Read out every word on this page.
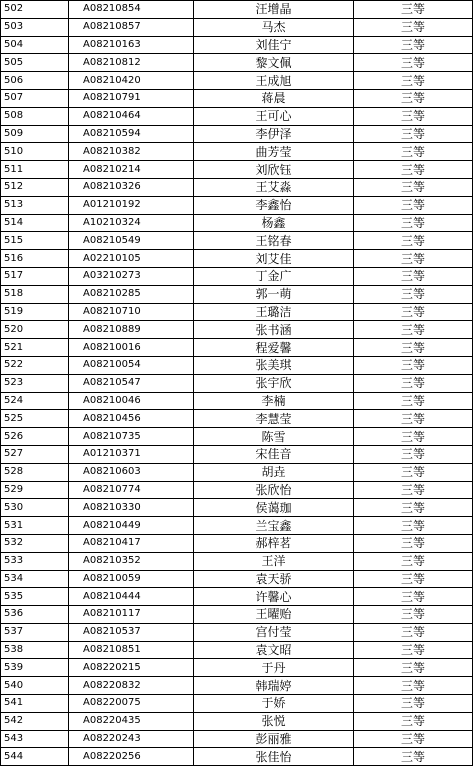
502	A08210854	汪增晶	三等
503	A08210857	马杰	三等
504	A08210163	刘佳宁	三等
505	A08210812	黎文佩	三等
506	A08210420	王成旭	三等
507	A08210791	蒋晨	三等
508	A08210464	王可心	三等
509	A08210594	李伊泽	三等
510	A08210382	曲芳莹	三等
511	A08210214	刘欣钰	三等
512	A08210326	王艾淼	三等
513	A01210192	李鑫怡	三等
514	A10210324	杨鑫	三等
515	A08210549	王铭春	三等
516	A02210105	刘艾佳	三等
517	A03210273	丁金广	三等
518	A08210285	郭一萌	三等
519	A08210710	王璐洁	三等
520	A08210889	张书涵	三等
521	A08210016	程爱馨	三等
522	A08210054	张美琪	三等
523	A08210547	张宇欣	三等
524	A08210046	李楠	三等
525	A08210456	李慧莹	三等
526	A08210735	陈雪	三等
527	A01210371	宋佳音	三等
528	A08210603	胡垚	三等
529	A08210774	张欣怡	三等
530	A08210330	侯蔼珈	三等
531	A08210449	兰宝鑫	三等
532	A08210417	郝梓茗	三等
533	A08210352	王洋	三等
534	A08210059	袁天骄	三等
535	A08210444	许馨心	三等
536	A08210117	王曜贻	三等
537	A08210537	宫付莹	三等
538	A08210851	袁文昭	三等
539	A08220215	于丹	三等
540	A08220832	韩瑞婷	三等
541	A08220075	于娇	三等
542	A08220435	张悦	三等
543	A08220243	彭丽雅	三等
544	A08220256	张佳怡	三等
